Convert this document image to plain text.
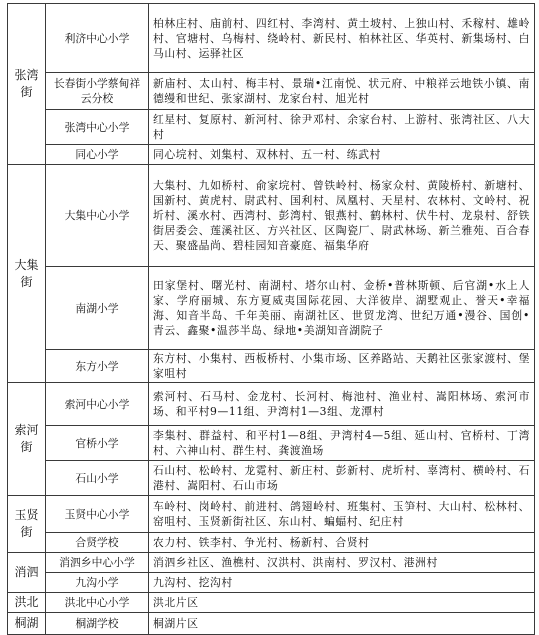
张湾街	利济中心小学	柏林庄村、庙前村、四红村、李湾村、黄土坡村、上独山村、禾稼村、雄岭村、官塘村、乌梅村、绕岭村、新民村、柏林社区、华英村、新集场村、白马山村、运驿社区
	长春街小学蔡甸祥云分校	新庙村、太山村、梅丰村、景瑞•江南悦、状元府、中粮祥云地铁小镇、南德缦和世纪、张家湖村、龙家台村、旭光村
	张湾中心小学	红星村、复原村、新河村、徐尹邓村、余家台村、上游村、张湾社区、八大村
	同心小学	同心垸村、刘集村、双林村、五一村、练武村
大集街	大集中心小学	大集村、九如桥村、俞家垸村、曾铁岭村、杨家众村、黄陵桥村、新塘村、国新村、黄虎村、尉武村、国利村、凤凰村、天星村、农林村、文岭村、祝圻村、溪水村、西湾村、彭湾村、银燕村、鹤林村、伏牛村、龙泉村、舒铁街居委会、莲溪社区、方兴社区、区陶瓷厂、尉武林场、新兰雅苑、百合春天、聚盛晶尚、碧桂园知音豪庭、福集华府
	南湖小学	田家堡村、曙光村、南湖村、塔尔山村、金桥•普林斯顿、后官湖•水上人家、学府丽城、东方夏威夷国际花园、大洋彼岸、湖墅观止、誉天•幸福海、知音半岛、千年美丽、南湖社区、世贸龙湾、世纪万通•漫谷、国创•青云、鑫聚•温莎半岛、绿地•美湖知音湖院子
	东方小学	东方村、小集村、西板桥村、小集市场、区养路站、天鹅社区张家渡村、堡家咀村
索河街	索河中心小学	索河村、石马村、金龙村、长河村、梅池村、渔业村、嵩阳林场、索河市场、和平村9—11组、尹湾村1—3组、龙潭村
	官桥小学	李集村、群益村、和平村1—8组、尹湾村4—5组、延山村、官桥村、丁湾村、六神山村、群生村、龚渡渔场
	石山小学	石山村、松岭村、龙霓村、新庄村、彭新村、虎圻村、辜湾村、横岭村、石港村、嵩阳村、石山市场
玉贤街	玉贤中心小学	车岭村、岗岭村、前进村、鸽翅岭村、班集村、玉笋村、大山村、松林村、窑咀村、玉贤新街社区、东山村、蝙蝠村、纪庄村
	合贤学校	农力村、铁李村、争光村、杨新村、合贤村
消泗	消泗乡中心小学	消泗乡社区、渔樵村、汉洪村、洪南村、罗汉村、港洲村
	九沟小学	九沟村、挖沟村
洪北	洪北中心小学	洪北片区
桐湖	桐湖学校	桐湖片区
